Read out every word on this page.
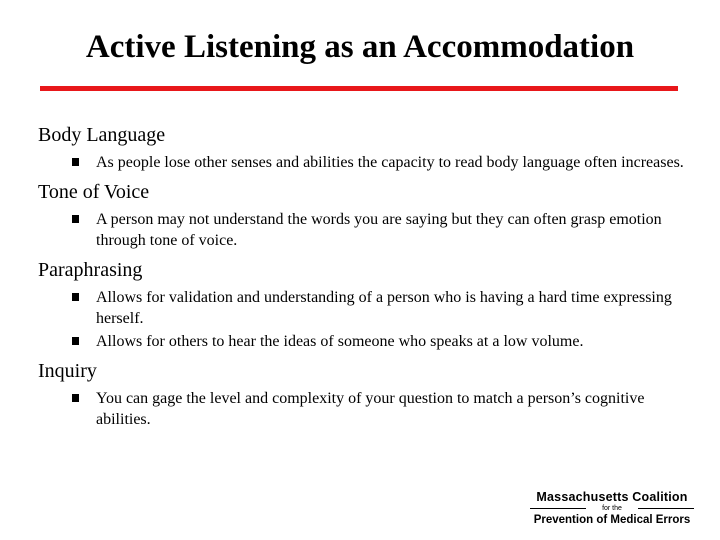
Active Listening as an Accommodation
Body Language
As people lose other senses and abilities the capacity to read body language often increases.
Tone of Voice
A person may not understand the words you are saying but they can often grasp emotion through tone of voice.
Paraphrasing
Allows for validation and understanding of a person who is having a hard time expressing herself.
Allows for others to hear the ideas of someone who speaks at a low volume.
Inquiry
You can gage the level and complexity of your question to match a person’s cognitive abilities.
Massachusetts Coalition
for the
Prevention of Medical Errors
